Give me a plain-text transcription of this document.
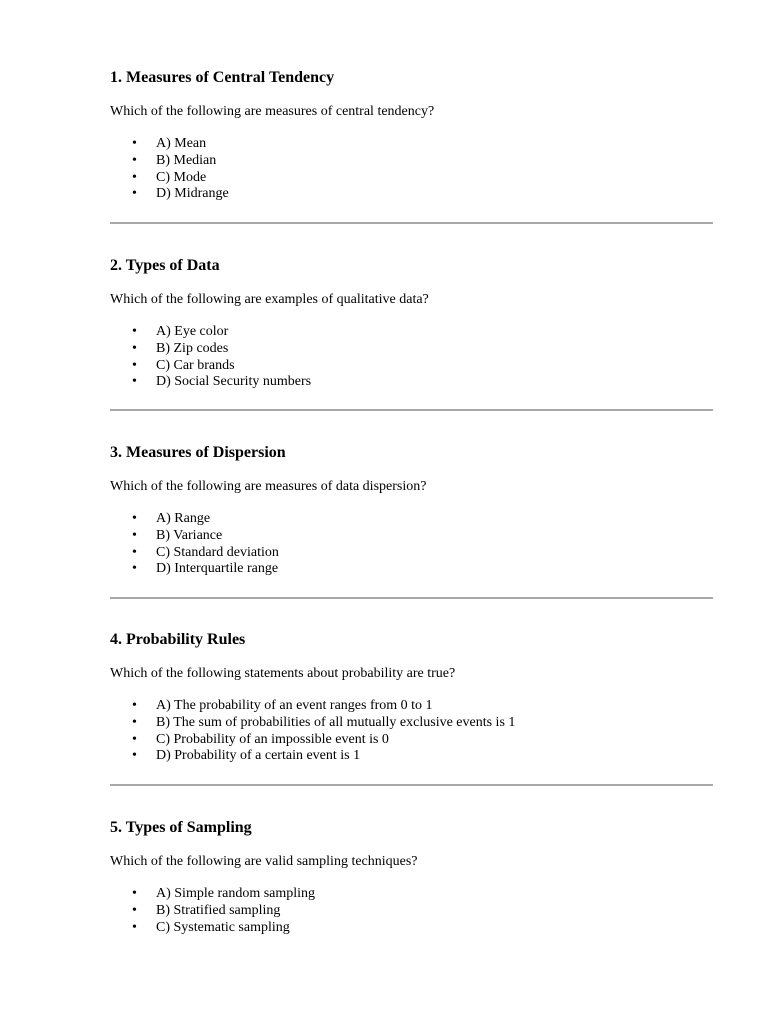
1. Measures of Central Tendency

Which of the following are measures of central tendency?

• A) Mean
• B) Median
• C) Mode
• D) Midrange
2. Types of Data

Which of the following are examples of qualitative data?

• A) Eye color
• B) Zip codes
• C) Car brands
• D) Social Security numbers
3. Measures of Dispersion

Which of the following are measures of data dispersion?

• A) Range
• B) Variance
• C) Standard deviation
• D) Interquartile range
4. Probability Rules

Which of the following statements about probability are true?

• A) The probability of an event ranges from 0 to 1
• B) The sum of probabilities of all mutually exclusive events is 1
• C) Probability of an impossible event is 0
• D) Probability of a certain event is 1
5. Types of Sampling

Which of the following are valid sampling techniques?

• A) Simple random sampling
• B) Stratified sampling
• C) Systematic sampling
